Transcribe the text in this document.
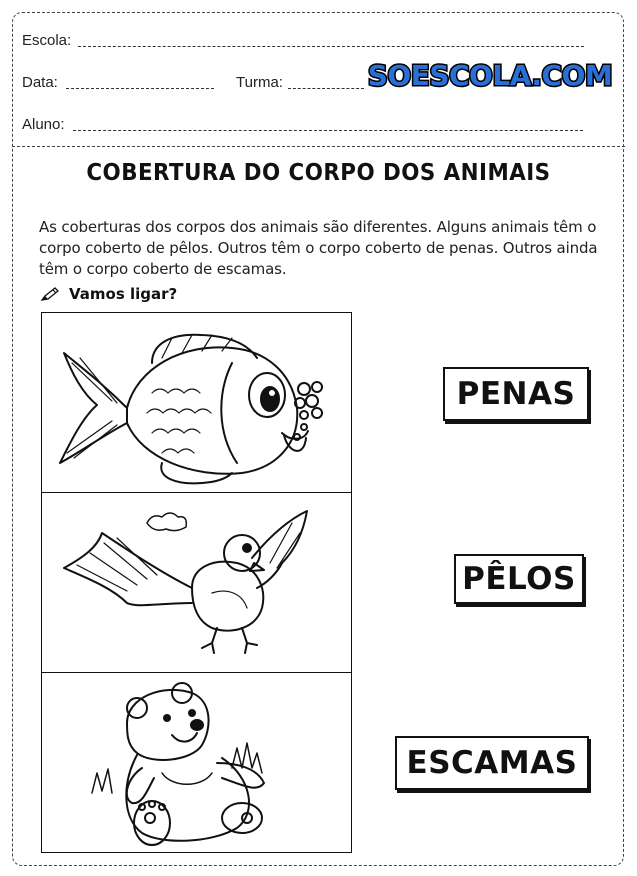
Escola:
Data:	Turma:	SOESCOLA.COM
Aluno:
COBERTURA DO CORPO DOS ANIMAIS
As coberturas dos corpos dos animais são diferentes. Alguns animais têm o corpo coberto de pêlos. Outros têm o corpo coberto de penas. Outros ainda têm o corpo coberto de escamas.
Vamos ligar?
PENAS
PÊLOS
ESCAMAS
